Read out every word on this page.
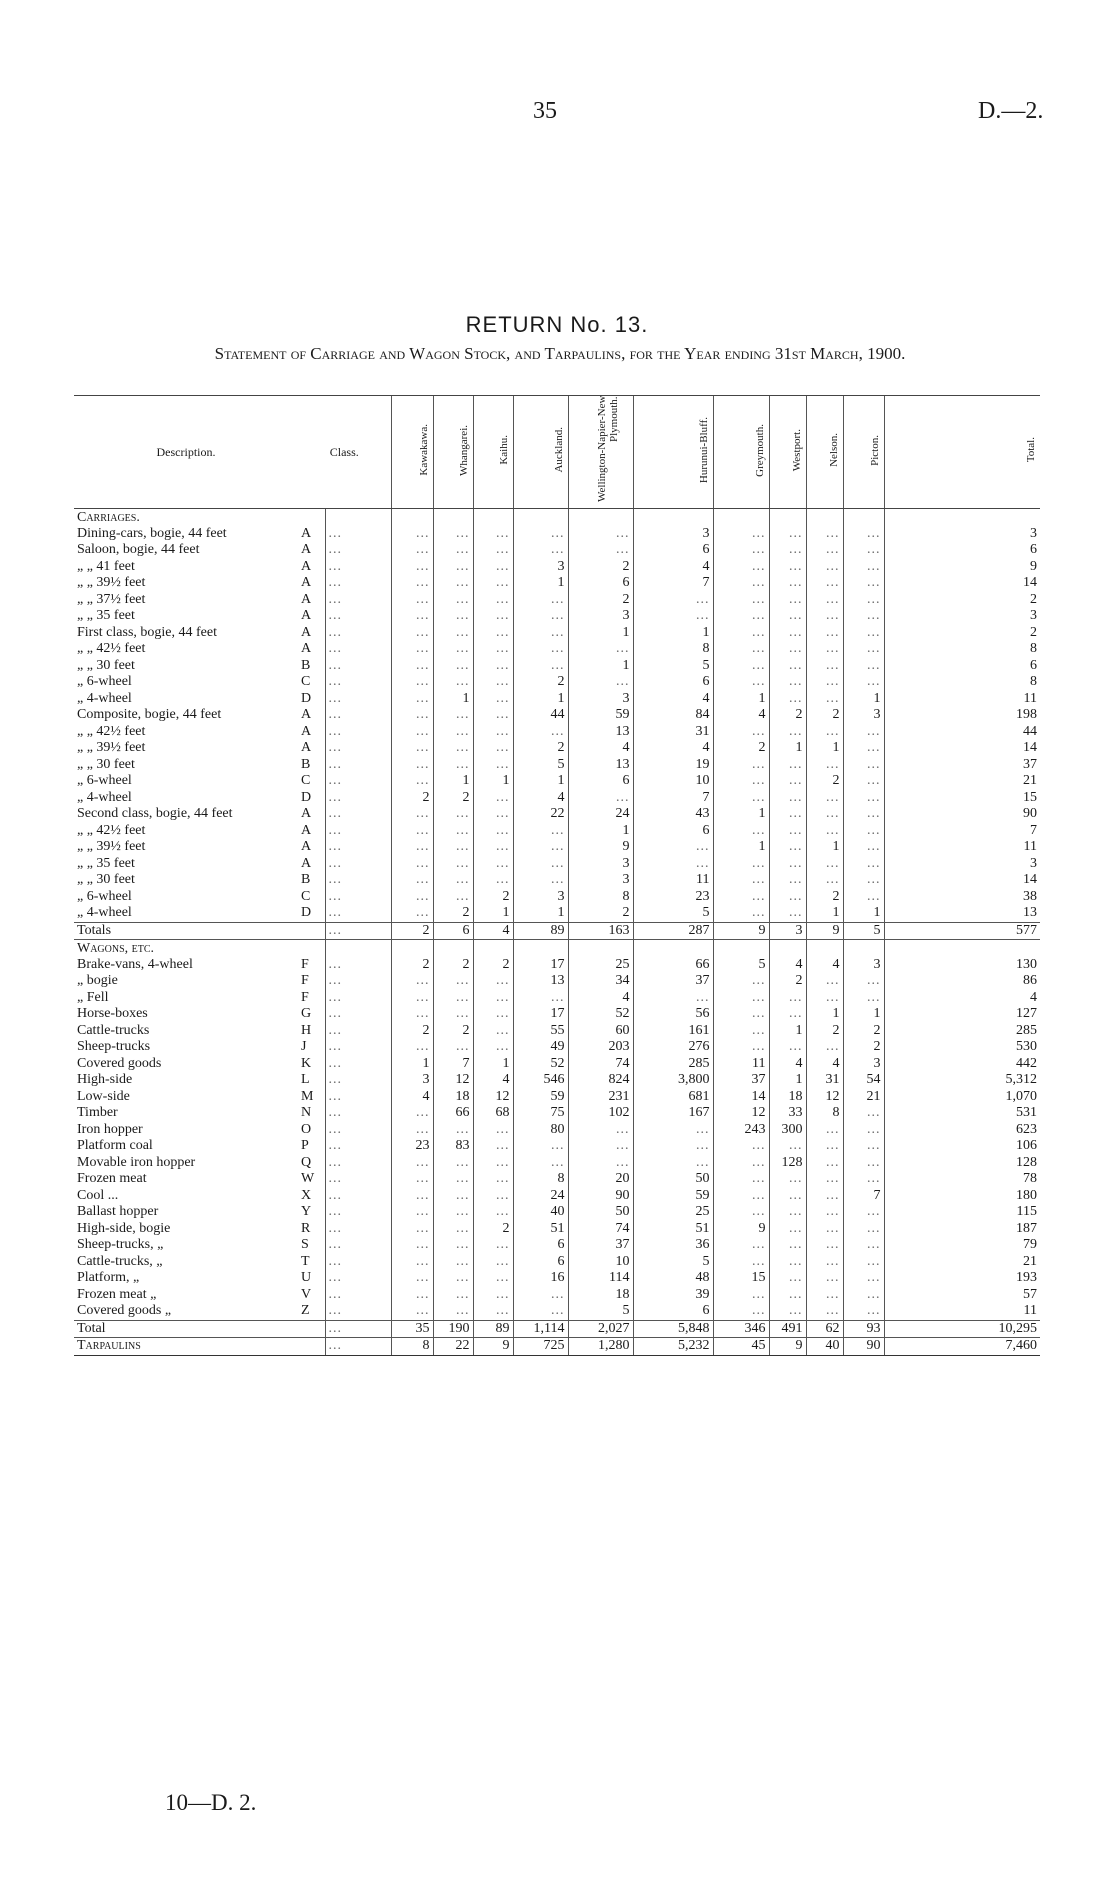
35	D.—2.
RETURN No. 13.
Statement of Carriage and Wagon Stock, and Tarpaulins, for the Year ending 31st March, 1900.
Description.	Class.		Kawakawa.	Whangarei.	Kaihu.	Auckland.	Wellington-Napier-New Plymouth.	Hurunui-Bluff.	Greymouth.	Westport.	Nelson.	Picton.	Total.
Carriages.													
Dining-cars, bogie, 44 feet	A	...	...	...	...	...	...	3	...	...	...	...	3
Saloon, bogie, 44 feet	A	...	...	...	...	...	...	6	...	...	...	...	6
„ „ 41 feet	A	...	...	...	...	3	2	4	...	...	...	...	9
„ „ 39½ feet	A	...	...	...	...	1	6	7	...	...	...	...	14
„ „ 37½ feet	A	...	...	...	...	...	2	...	...	...	...	...	2
„ „ 35 feet	A	...	...	...	...	...	3	...	...	...	...	...	3
First class, bogie, 44 feet	A	...	...	...	...	...	1	1	...	...	...	...	2
„ „ 42½ feet	A	...	...	...	...	...	...	8	...	...	...	...	8
„ „ 30 feet	B	...	...	...	...	...	1	5	...	...	...	...	6
„ 6-wheel	C	...	...	...	...	2	...	6	...	...	...	...	8
„ 4-wheel	D	...	...	1	...	1	3	4	1	...	...	1	11
Composite, bogie, 44 feet	A	...	...	...	...	44	59	84	4	2	2	3	198
„ „ 42½ feet	A	...	...	...	...	...	13	31	...	...	...	...	44
„ „ 39½ feet	A	...	...	...	...	2	4	4	2	1	1	...	14
„ „ 30 feet	B	...	...	...	...	5	13	19	...	...	...	...	37
„ 6-wheel	C	...	...	1	1	1	6	10	...	...	2	...	21
„ 4-wheel	D	...	2	2	...	4	...	7	...	...	...	...	15
Second class, bogie, 44 feet	A	...	...	...	...	22	24	43	1	...	...	...	90
„ „ 42½ feet	A	...	...	...	...	...	1	6	...	...	...	...	7
„ „ 39½ feet	A	...	...	...	...	...	9	...	1	...	1	...	11
„ „ 35 feet	A	...	...	...	...	...	3	...	...	...	...	...	3
„ „ 30 feet	B	...	...	...	...	...	3	11	...	...	...	...	14
„ 6-wheel	C	...	...	...	2	3	8	23	...	...	2	...	38
„ 4-wheel	D	...	...	2	1	1	2	5	...	...	1	1	13
Totals		...	2	6	4	89	163	287	9	3	9	5	577
Wagons, etc.													
Brake-vans, 4-wheel	F	...	2	2	2	17	25	66	5	4	4	3	130
„ bogie	F	...	...	...	...	13	34	37	...	2	...	...	86
„ Fell	F	...	...	...	...	...	4	...	...	...	...	...	4
Horse-boxes	G	...	...	...	...	17	52	56	...	...	1	1	127
Cattle-trucks	H	...	2	2	...	55	60	161	...	1	2	2	285
Sheep-trucks	J	...	...	...	...	49	203	276	...	...	...	2	530
Covered goods	K	...	1	7	1	52	74	285	11	4	4	3	442
High-side	L	...	3	12	4	546	824	3,800	37	1	31	54	5,312
Low-side	M	...	4	18	12	59	231	681	14	18	12	21	1,070
Timber	N	...	...	66	68	75	102	167	12	33	8	...	531
Iron hopper	O	...	...	...	...	80	...	...	243	300	...	...	623
Platform coal	P	...	23	83	...	...	...	...	...	...	...	...	106
Movable iron hopper	Q	...	...	...	...	...	...	...	...	128	...	...	128
Frozen meat	W	...	...	...	...	8	20	50	...	...	...	...	78
Cool ...	X	...	...	...	...	24	90	59	...	...	...	7	180
Ballast hopper	Y	...	...	...	...	40	50	25	...	...	...	...	115
High-side, bogie	R	...	...	...	2	51	74	51	9	...	...	...	187
Sheep-trucks, „	S	...	...	...	...	6	37	36	...	...	...	...	79
Cattle-trucks, „	T	...	...	...	...	6	10	5	...	...	...	...	21
Platform, „	U	...	...	...	...	16	114	48	15	...	...	...	193
Frozen meat „	V	...	...	...	...	...	18	39	...	...	...	...	57
Covered goods „	Z	...	...	...	...	...	5	6	...	...	...	...	11
Total		...	35	190	89	1,114	2,027	5,848	346	491	62	93	10,295
Tarpaulins		...	8	22	9	725	1,280	5,232	45	9	40	90	7,460
10—D. 2.
